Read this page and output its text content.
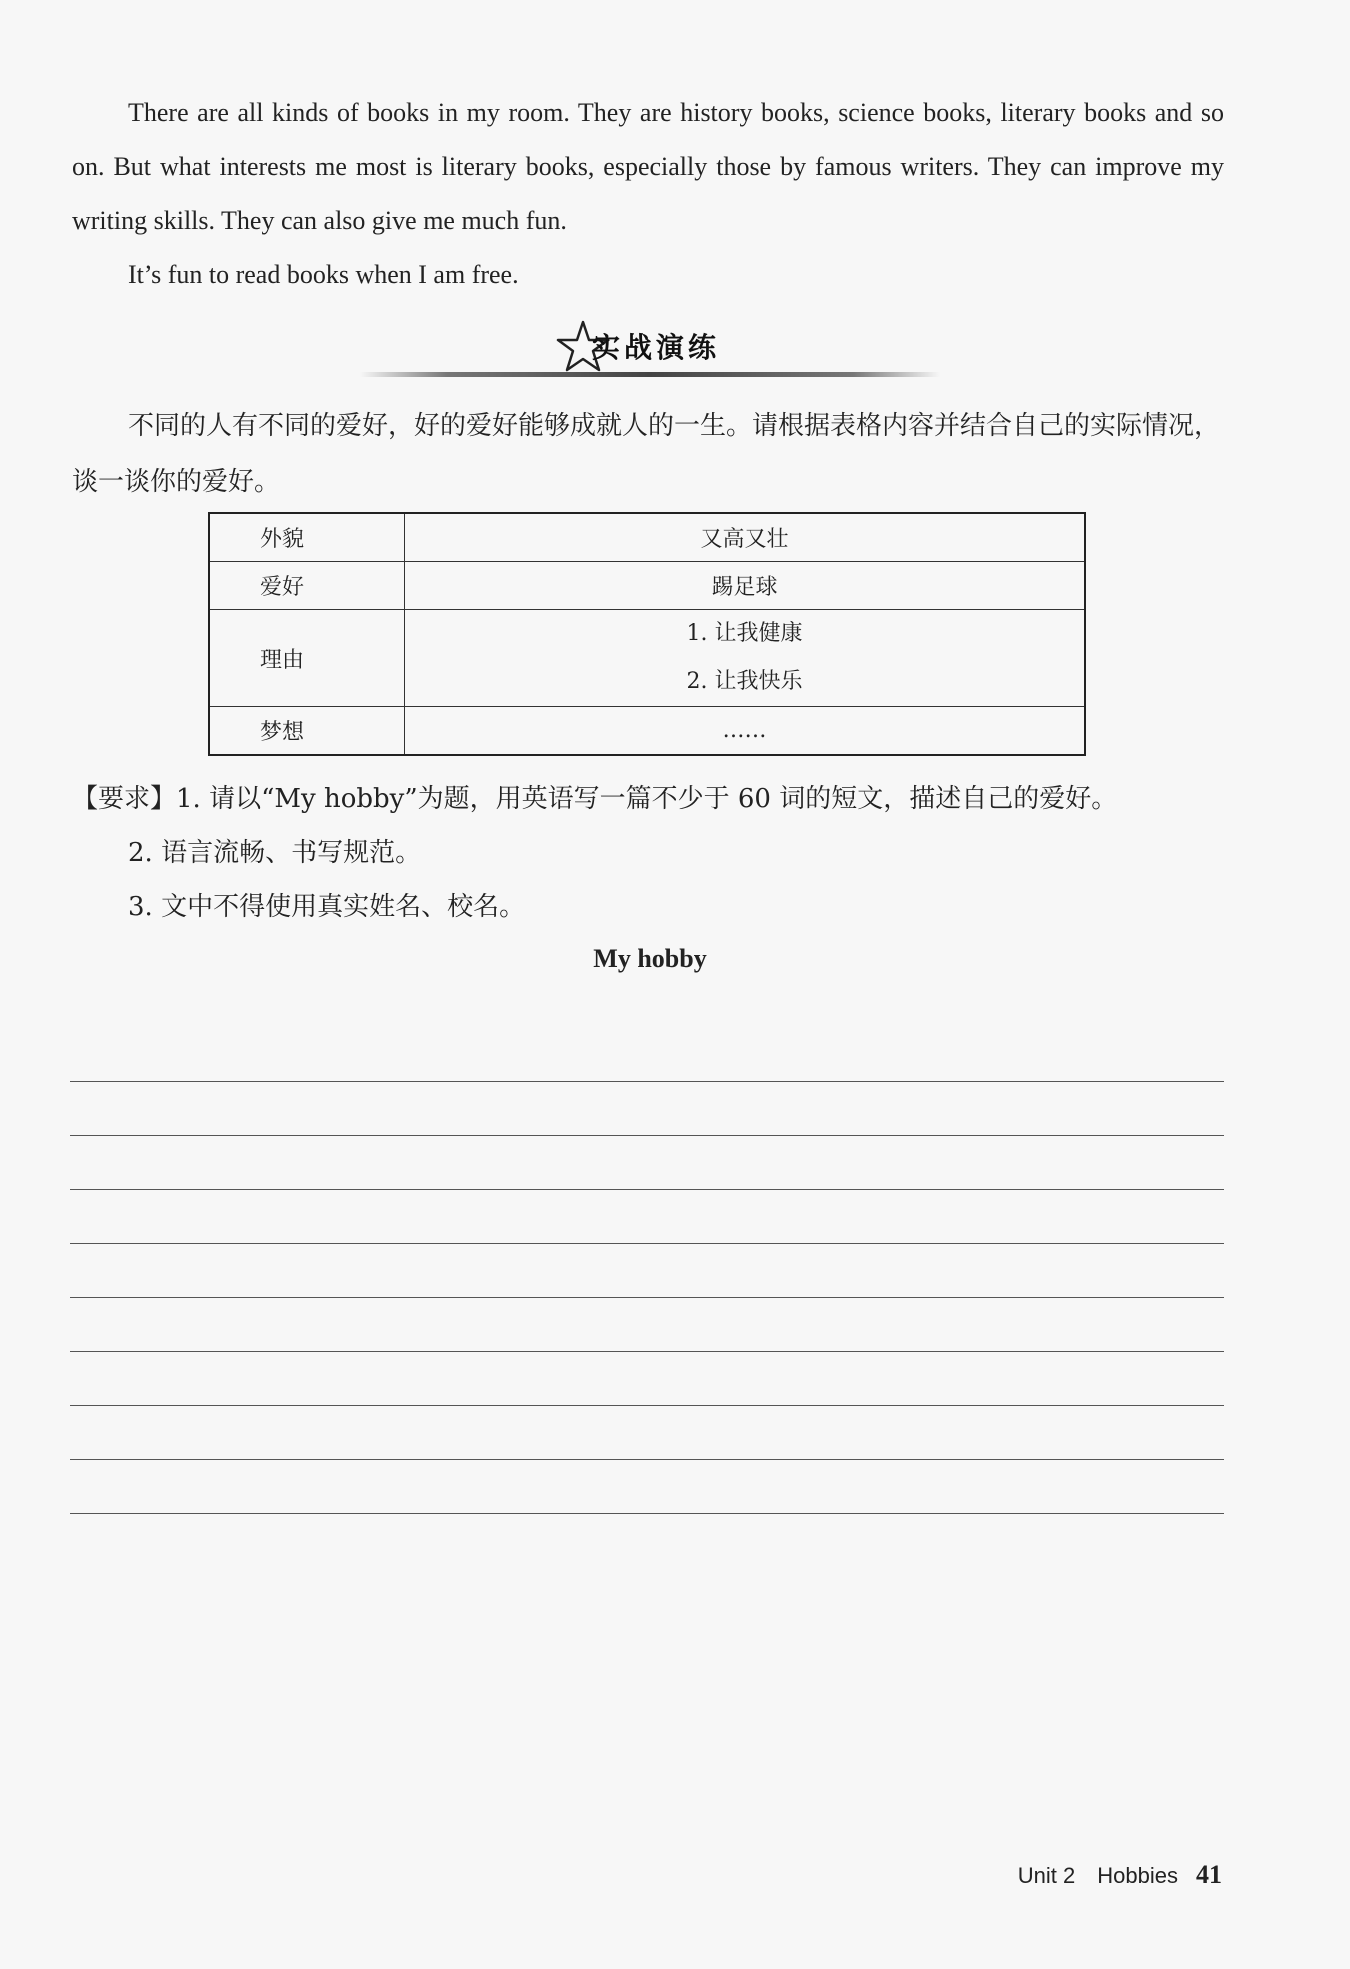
There are all kinds of books in my room. They are history books, science books, literary books and so on. But what interests me most is literary books, especially those by famous writers. They can improve my writing skills. They can also give me much fun.

It’s fun to read books when I am free.

实战演练

不同的人有不同的爱好，好的爱好能够成就人的一生。请根据表格内容并结合自己的实际情况，谈一谈你的爱好。

外貌	又高又壮
爱好	踢足球
理由	1. 让我健康
2. 让我快乐

梦想	……

【要求】1. 请以“My hobby”为题，用英语写一篇不少于 60 词的短文，描述自己的爱好。

2. 语言流畅、书写规范。

3. 文中不得使用真实姓名、校名。

My hobby
Unit 2 Hobbies 41
